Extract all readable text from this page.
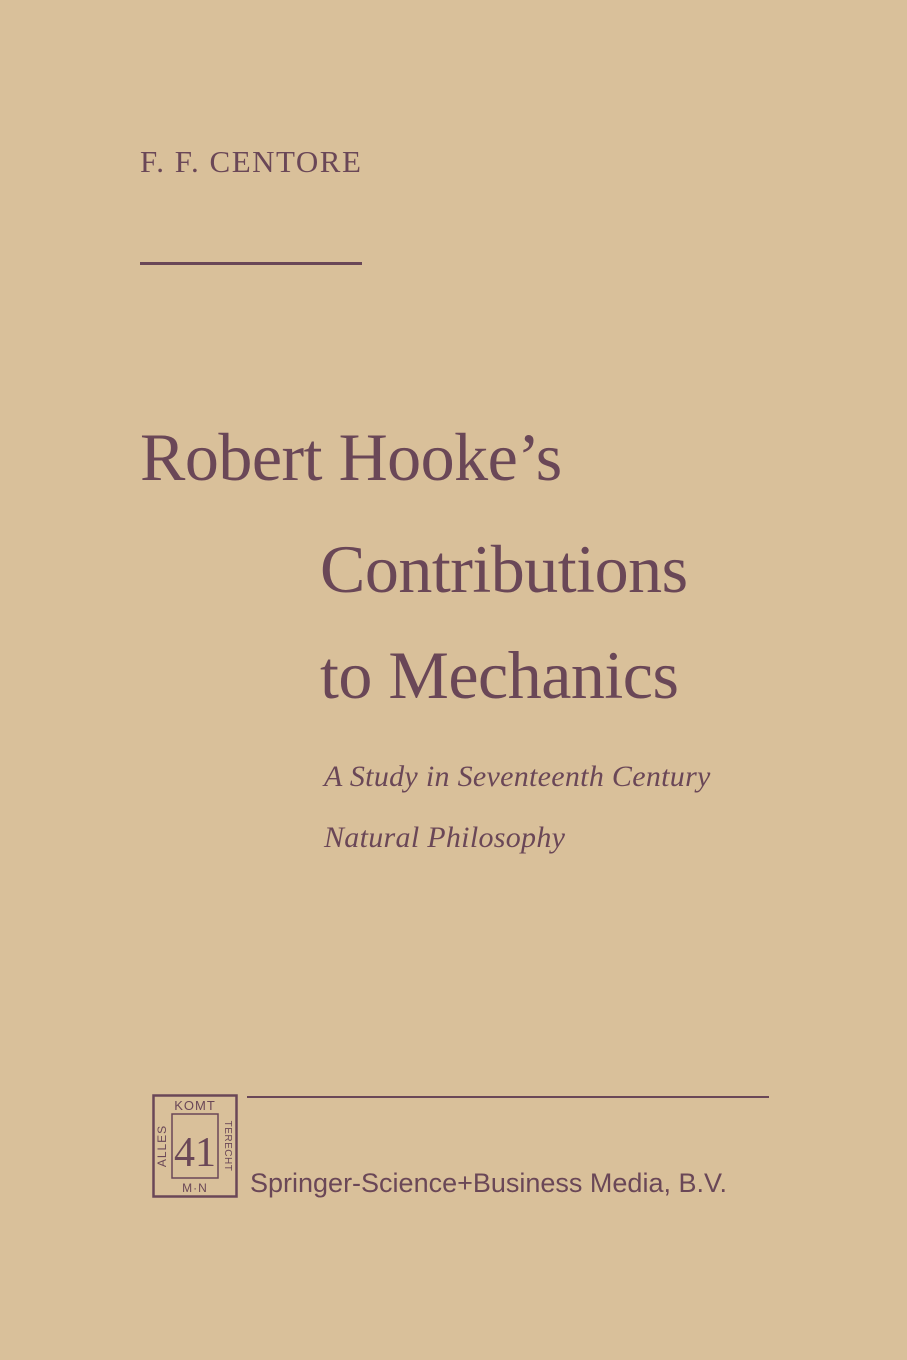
F. F. CENTORE
Robert Hooke’s
Contributions
to Mechanics
A Study in Seventeenth Century
Natural Philosophy
KOMT
ALLES	TERECHT
M·N
41
Springer-Science+Business Media, B.V.
